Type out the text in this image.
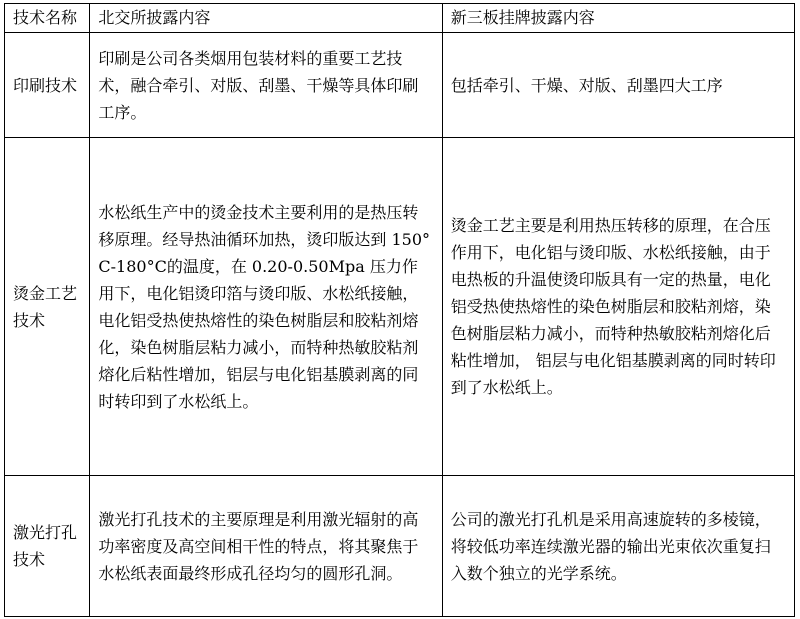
技术名称	北交所披露内容	新三板挂牌披露内容
印刷技术	印刷是公司各类烟用包装材料的重要工艺技术，融合牵引、对版、刮墨、干燥等具体印刷工序。	包括牵引、干燥、对版、刮墨四大工序
烫金工艺技术	水松纸生产中的烫金技术主要利用的是热压转移原理。经导热油循环加热，烫印版达到 150°C-180°C的温度，在 0.20-0.50Mpa 压力作用下，电化铝烫印箔与烫印版、水松纸接触，电化铝受热使热熔性的染色树脂层和胶粘剂熔化，染色树脂层粘力减小，而特种热敏胶粘剂 熔化后粘性增加，铝层与电化铝基膜剥离的同时转印到了水松纸上。	烫金工艺主要是利用热压转移的原理，在合压作用下，电化铝与烫印版、水松纸接触，由于电热板的升温使烫印版具有一定的热量，电化铝受热使热熔性的染色树脂层和胶粘剂熔，染色树脂层粘力减小，而特种热敏胶粘剂熔化后粘性增加， 铝层与电化铝基膜剥离的同时转印到了水松纸上。
激光打孔技术	激光打孔技术的主要原理是利用激光辐射的高功率密度及高空间相干性的特点，将其聚焦于水松纸表面最终形成孔径均匀的圆形孔洞。	公司的激光打孔机是采用高速旋转的多棱镜，将较低功率连续激光器的输出光束依次重复扫入数个独立的光学系统。
